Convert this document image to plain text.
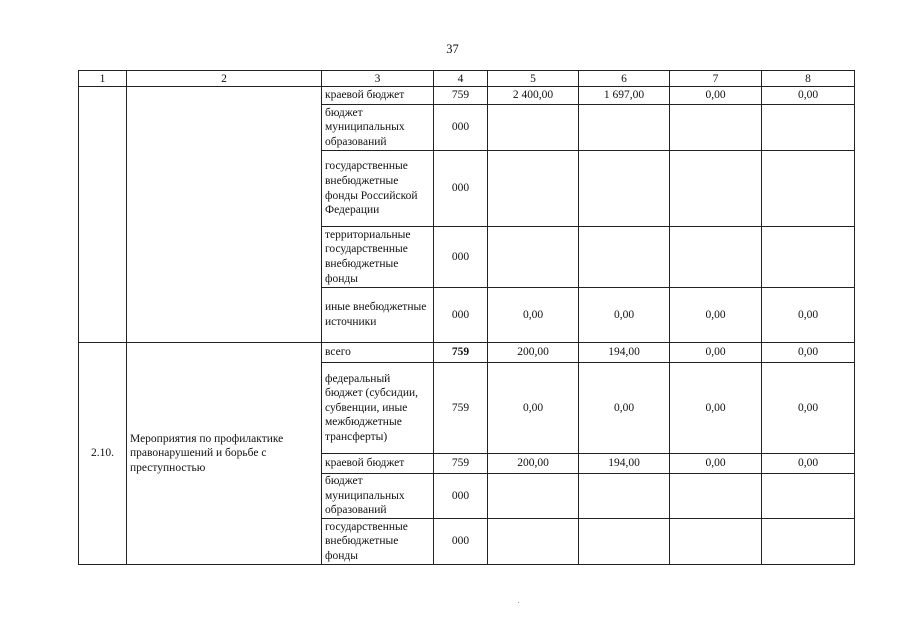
37
1	2	3	4	5	6	7	8
		краевой бюджет	759	2 400,00	1 697,00	0,00	0,00
		бюджет муниципальных образований	000				
		государственные внебюджетные фонды Российской Федерации	000				
		территориальные государственные внебюджетные фонды	000				
		иные внебюджетные источники	000	0,00	0,00	0,00	0,00
2.10.	Мероприятия по профилактике правонарушений и борьбе с преступностью	всего	759	200,00	194,00	0,00	0,00
		федеральный бюджет (субсидии, субвенции, иные межбюджетные трансферты)	759	0,00	0,00	0,00	0,00
		краевой бюджет	759	200,00	194,00	0,00	0,00
		бюджет муниципальных образований	000				
		государственные внебюджетные фонды	000				
